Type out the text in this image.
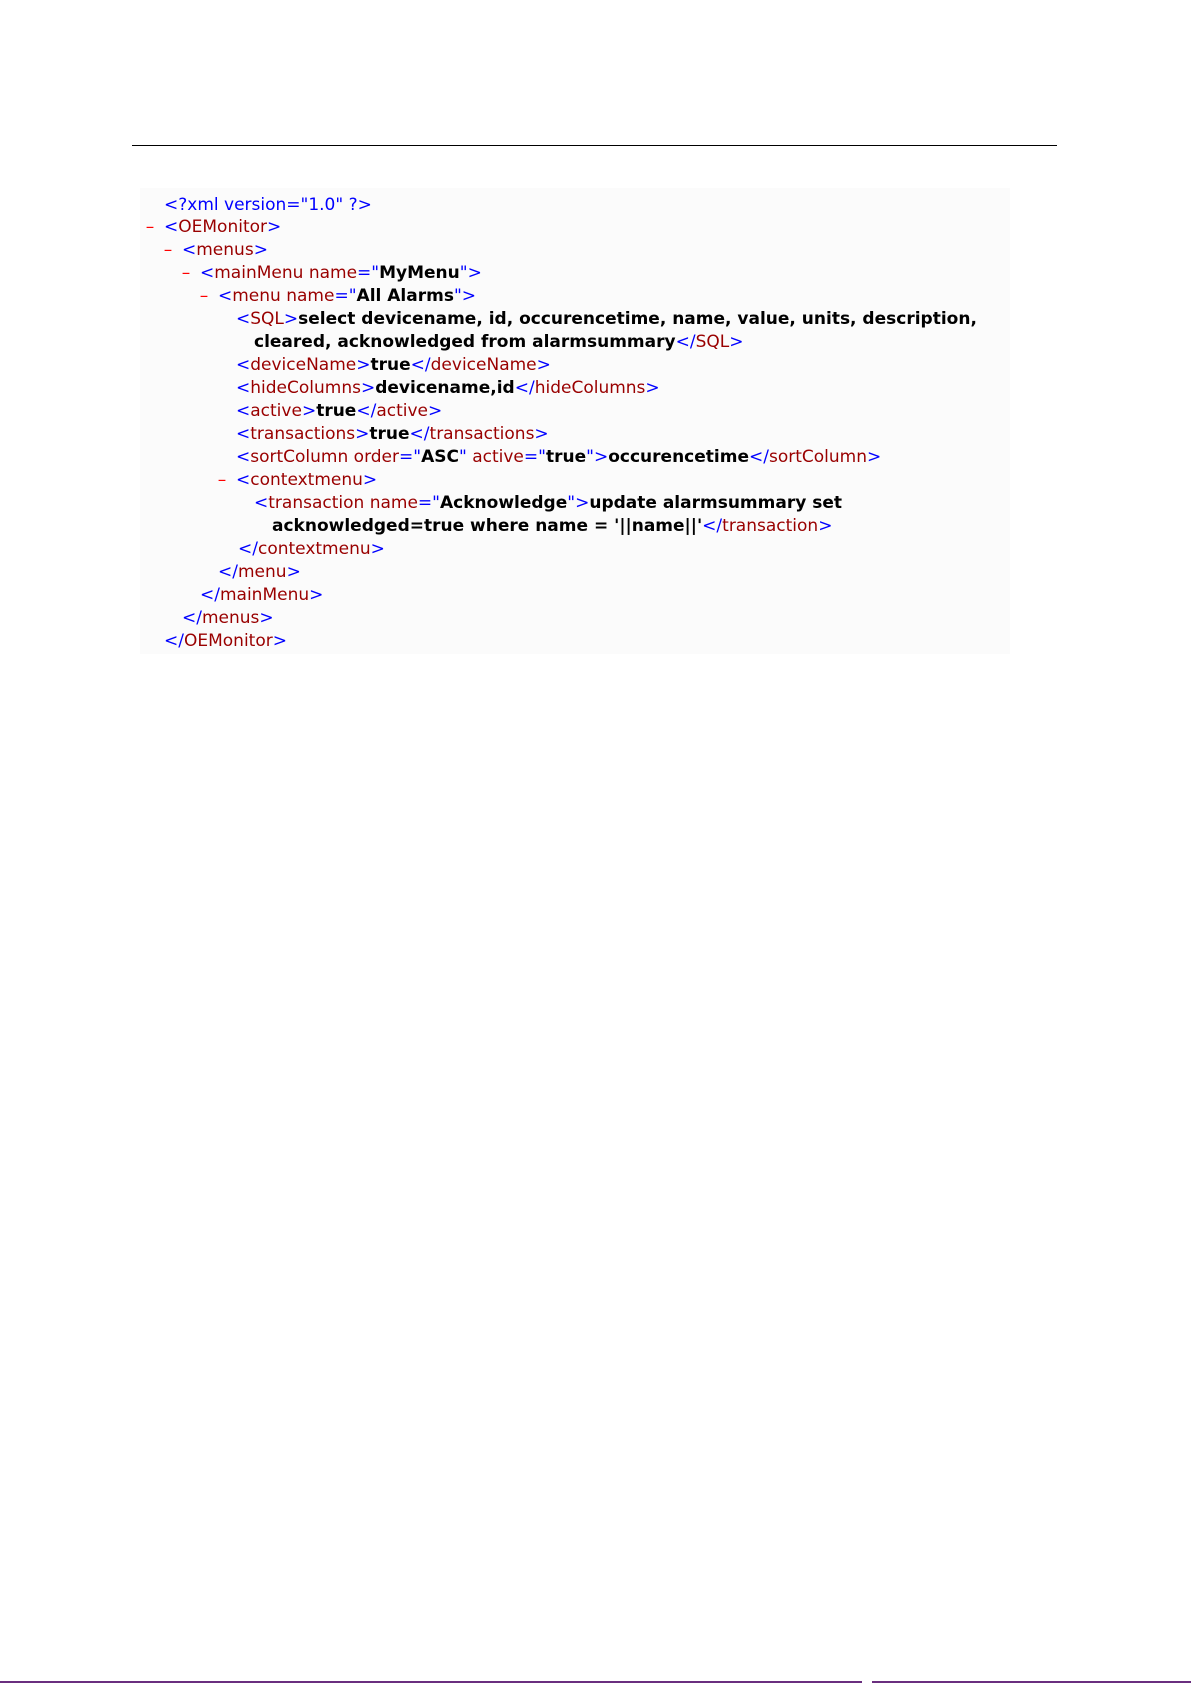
<?xml version="1.0" ?>
– <OEMonitor>
– <menus>
– <mainMenu name="MyMenu">
– <menu name="All Alarms">
<SQL>select devicename, id, occurencetime, name, value, units, description,
cleared, acknowledged from alarmsummary</SQL>
<deviceName>true</deviceName>
<hideColumns>devicename,id</hideColumns>
<active>true</active>
<transactions>true</transactions>
<sortColumn order="ASC" active="true">occurencetime</sortColumn>
– <contextmenu>
<transaction name="Acknowledge">update alarmsummary set
acknowledged=true where name = '||name||'</transaction>
</contextmenu>
</menu>
</mainMenu>
</menus>
</OEMonitor>
